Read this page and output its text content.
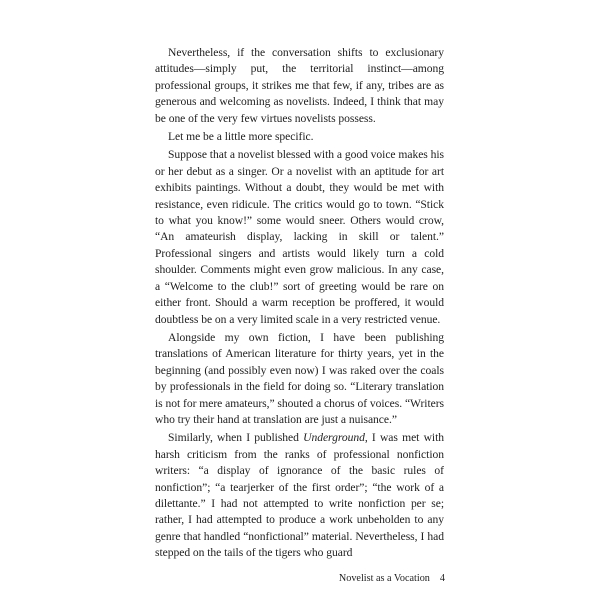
Nevertheless, if the conversation shifts to exclusionary attitudes—simply put, the territorial instinct—among professional groups, it strikes me that few, if any, tribes are as generous and welcoming as novelists. Indeed, I think that may be one of the very few virtues novelists possess.

Let me be a little more specific.

Suppose that a novelist blessed with a good voice makes his or her debut as a singer. Or a novelist with an aptitude for art exhibits paintings. Without a doubt, they would be met with resistance, even ridicule. The critics would go to town. “Stick to what you know!” some would sneer. Others would crow, “An amateurish display, lacking in skill or talent.” Professional singers and artists would likely turn a cold shoulder. Comments might even grow malicious. In any case, a “Welcome to the club!” sort of greeting would be rare on either front. Should a warm reception be proffered, it would doubtless be on a very limited scale in a very restricted venue.

Alongside my own fiction, I have been publishing translations of American literature for thirty years, yet in the beginning (and possibly even now) I was raked over the coals by professionals in the field for doing so. “Literary translation is not for mere amateurs,” shouted a chorus of voices. “Writers who try their hand at translation are just a nuisance.”

Similarly, when I published Underground, I was met with harsh criticism from the ranks of professional nonfiction writers: “a display of ignorance of the basic rules of nonfiction”; “a tearjerker of the first order”; “the work of a dilettante.” I had not attempted to write nonfiction per se; rather, I had attempted to produce a work unbeholden to any genre that handled “nonfictional” material. Nevertheless, I had stepped on the tails of the tigers who guard

Novelist as a Vocation 4
